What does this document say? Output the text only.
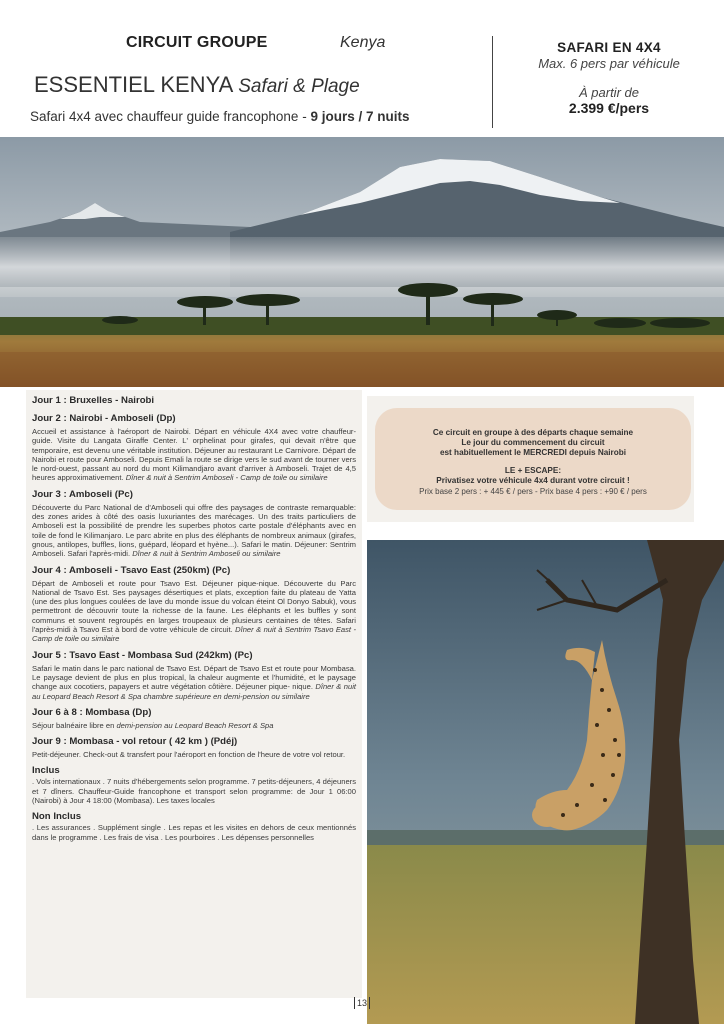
CIRCUIT GROUPE	Kenya
ESSENTIEL KENYA Safari & Plage
Safari 4x4 avec chauffeur guide francophone - 9 jours / 7 nuits
SAFARI EN 4X4
Max. 6 pers par véhicule
À partir de
2.399 €/pers
Jour 1 : Bruxelles - Nairobi
Jour 2 : Nairobi - Amboseli (Dp)
Accueil et assistance à l'aéroport de Nairobi. Départ en véhicule 4X4 avec votre chauffeur-guide. Visite du Langata Giraffe Center. L' orphelinat pour girafes, qui devait n'être que temporaire, est devenu une véritable institution. Déjeuner au restaurant Le Carnivore. Départ de Nairobi et route pour Amboseli. Depuis Emali la route se dirige vers le sud avant de tourner vers le nord-ouest, passant au nord du mont Kilimandjaro avant d'arriver à Amboseli. Trajet de 4,5 heures approximativement. Dîner & nuit à Sentrim Amboseli - Camp de toile ou similaire
Jour 3 : Amboseli (Pc)
Découverte du Parc National de d'Amboseli qui offre des paysages de contraste remarquable: des zones arides à côté des oasis luxuriantes des marécages. Un des traits particuliers de Amboseli est la possibilité de prendre les superbes photos carte postale d'éléphants avec en toile de fond le Kilimanjaro. Le parc abrite en plus des éléphants de nombreux animaux (girafes, gnous, antilopes, buffles, lions, guépard, léopard et hyène...). Safari le matin. Déjeuner: Sentrim Amboseli. Safari l'après-midi. Dîner & nuit à Sentrim Amboseli ou similaire
Jour 4 : Amboseli - Tsavo East (250km) (Pc)
Départ de Amboseli et route pour Tsavo Est. Déjeuner pique-nique. Découverte du Parc National de Tsavo Est. Ses paysages désertiques et plats, exception faite du plateau de Yatta (une des plus longues coulées de lave du monde issue du volcan éteint Ol Donyo Sabuk), vous permettront de découvrir toute la richesse de la faune. Les éléphants et les buffles y sont communs et souvent regroupés en larges troupeaux de plusieurs centaines de têtes. Safari l'après-midi à Tsavo Est à bord de votre véhicule de circuit. Dîner & nuit à Sentrim Tsavo East - Camp de toile ou similaire
Jour 5 : Tsavo East - Mombasa Sud (242km) (Pc)
Safari le matin dans le parc national de Tsavo Est. Départ de Tsavo Est et route pour Mombasa. Le paysage devient de plus en plus tropical, la chaleur augmente et l'humidité, et le paysage change aux cocotiers, papayers et autre végétation côtière. Déjeuner pique- nique. Dîner & nuit au Leopard Beach Resort & Spa chambre supérieure en demi-pension ou similaire
Jour 6 à 8 : Mombasa (Dp)
Séjour balnéaire libre en demi-pension au Leopard Beach Resort & Spa
Jour 9 : Mombasa - vol retour ( 42 km ) (Pdéj)
Petit-déjeuner. Check-out & transfert pour l'aéroport en fonction de l'heure de votre vol retour.
Inclus
. Vols internationaux . 7 nuits d'hébergements selon programme. 7 petits-déjeuners, 4 déjeuners et 7 dîners. Chauffeur-Guide francophone et transport selon programme: de Jour 1 06:00 (Nairobi) à Jour 4 18:00 (Mombasa). Les taxes locales
Non Inclus
. Les assurances . Supplément single . Les repas et les visites en dehors de ceux mentionnés dans le programme . Les frais de visa . Les pourboires . Les dépenses personnelles
Ce circuit en groupe à des départs chaque semaine
Le jour du commencement du circuit
est habituellement le MERCREDI depuis Nairobi
LE + ESCAPE:
Privatisez votre véhicule 4x4 durant votre circuit !
Prix base 2 pers : + 445 € / pers - Prix base 4 pers : +90 € / pers
13
